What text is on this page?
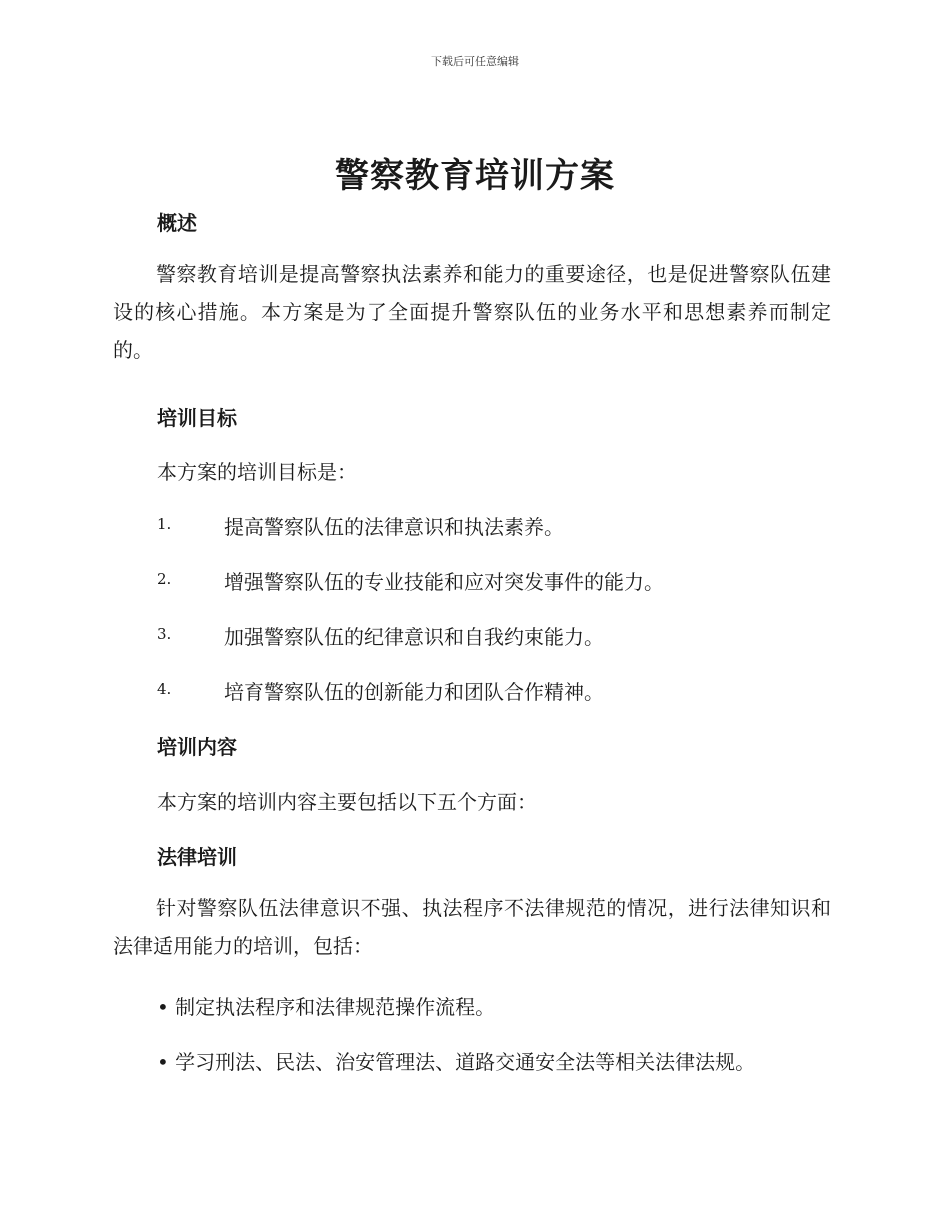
下载后可任意编辑
警察教育培训方案
概述

警察教育培训是提高警察执法素养和能力的重要途径，也是促进警察队伍建设的核心措施。本方案是为了全面提升警察队伍的业务水平和思想素养而制定的。

培训目标

本方案的培训目标是：

1.	提高警察队伍的法律意识和执法素养。
2.	增强警察队伍的专业技能和应对突发事件的能力。
3.	加强警察队伍的纪律意识和自我约束能力。
4.	培育警察队伍的创新能力和团队合作精神。
培训内容

本方案的培训内容主要包括以下五个方面：

法律培训

针对警察队伍法律意识不强、执法程序不法律规范的情况，进行法律知识和法律适用能力的培训，包括：

• 制定执法程序和法律规范操作流程。

• 学习刑法、民法、治安管理法、道路交通安全法等相关法律法规。
